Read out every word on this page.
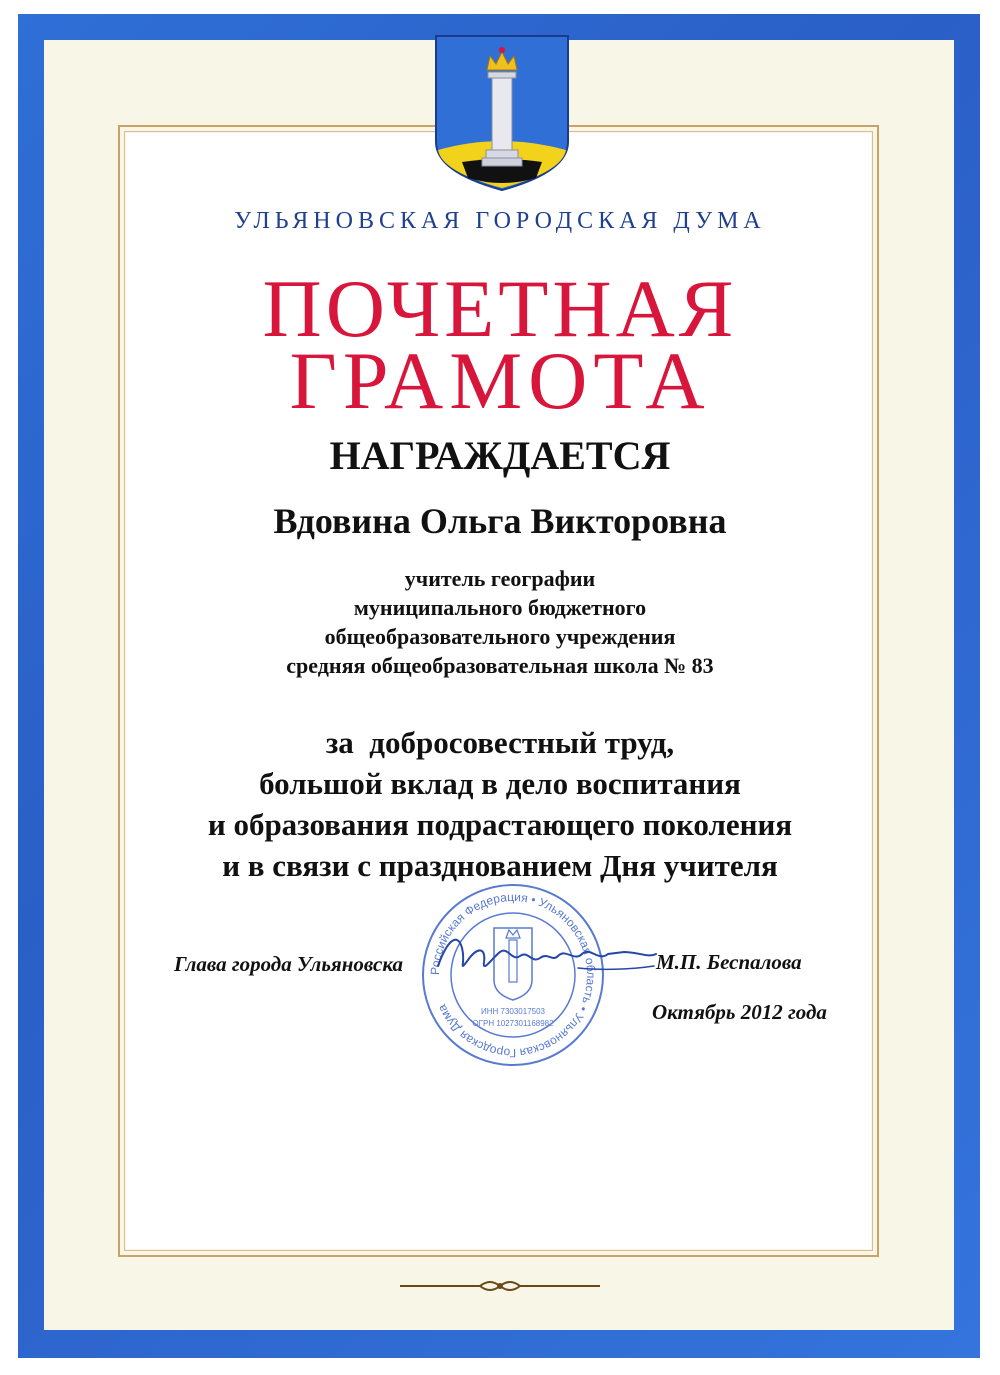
УЛЬЯНОВСКАЯ ГОРОДСКАЯ ДУМА
ПОЧЕТНАЯ
ГРАМОТА
НАГРАЖДАЕТСЯ
Вдовина Ольга Викторовна
учитель географии
муниципального бюджетного
общеобразовательного учреждения
средняя общеобразовательная школа № 83
за  добросовестный труд,
большой вклад в дело воспитания
и образования подрастающего поколения
и в связи с празднованием Дня учителя
Глава города Ульяновска	М.П. Беспалова
Октябрь 2012 года
Российская Федерация • Ульяновская область • Ульяновская Городская Дума	ИНН 7303017503
ОГРН 1027301168982
